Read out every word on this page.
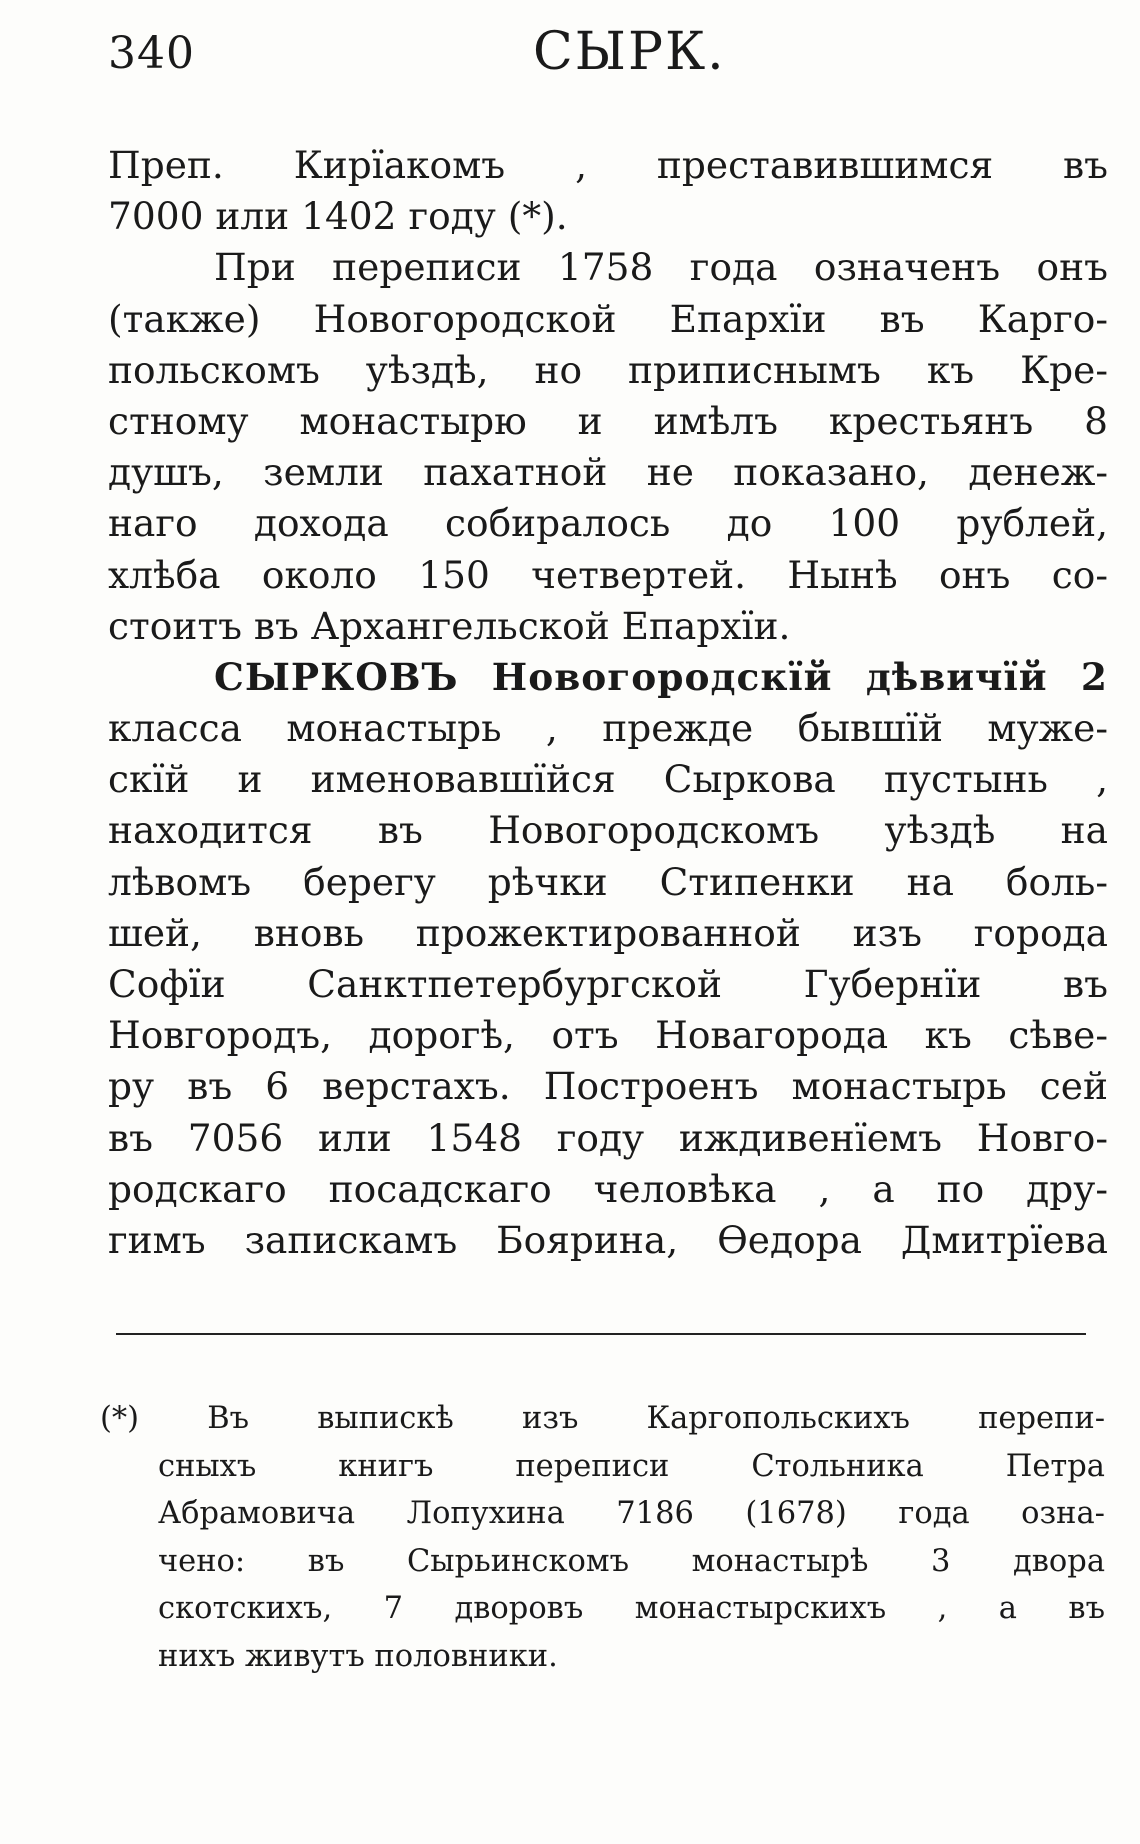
340	СЫРК.
Преп. Кирїакомъ , преставившимся въ
7000 или 1402 году (*).
При переписи 1758 года означенъ онъ
(также) Новогородской Епархїи въ Карго-
польскомъ уѣздѣ, но приписнымъ къ Кре-
стному монастырю и имѣлъ крестьянъ 8
душъ, земли пахатной не показано, денеж-
наго дохода собиралось до 100 рублей,
хлѣба около 150 четвертей. Нынѣ онъ со-
стоитъ въ Архангельской Епархїи.
СЫРКОВЪ Новогородскїй дѣвичїй 2
класса монастырь , прежде бывшїй муже-
скїй и именовавшїйся Сыркова пустынь ,
находится въ Новогородскомъ уѣздѣ на
лѣвомъ берегу рѣчки Стипенки на боль-
шей, вновь прожектированной изъ города
Софїи Санктпетербургской Губернїи въ
Новгородъ, дорогѣ, отъ Новагорода къ сѣве-
ру въ 6 верстахъ. Построенъ монастырь сей
въ 7056 или 1548 году иждивенїемъ Новго-
родскаго посадскаго человѣка , а по дру-
гимъ запискамъ Боярина, Ѳедора Дмитрїева
(*) Въ выпискѣ изъ Каргопольскихъ перепи-
сныхъ книгъ переписи Стольника Петра
Абрамовича Лопухина 7186 (1678) года озна-
чено: въ Сырьинскомъ монастырѣ 3 двора
скотскихъ, 7 дворовъ монастырскихъ , а въ
нихъ живутъ половники.
